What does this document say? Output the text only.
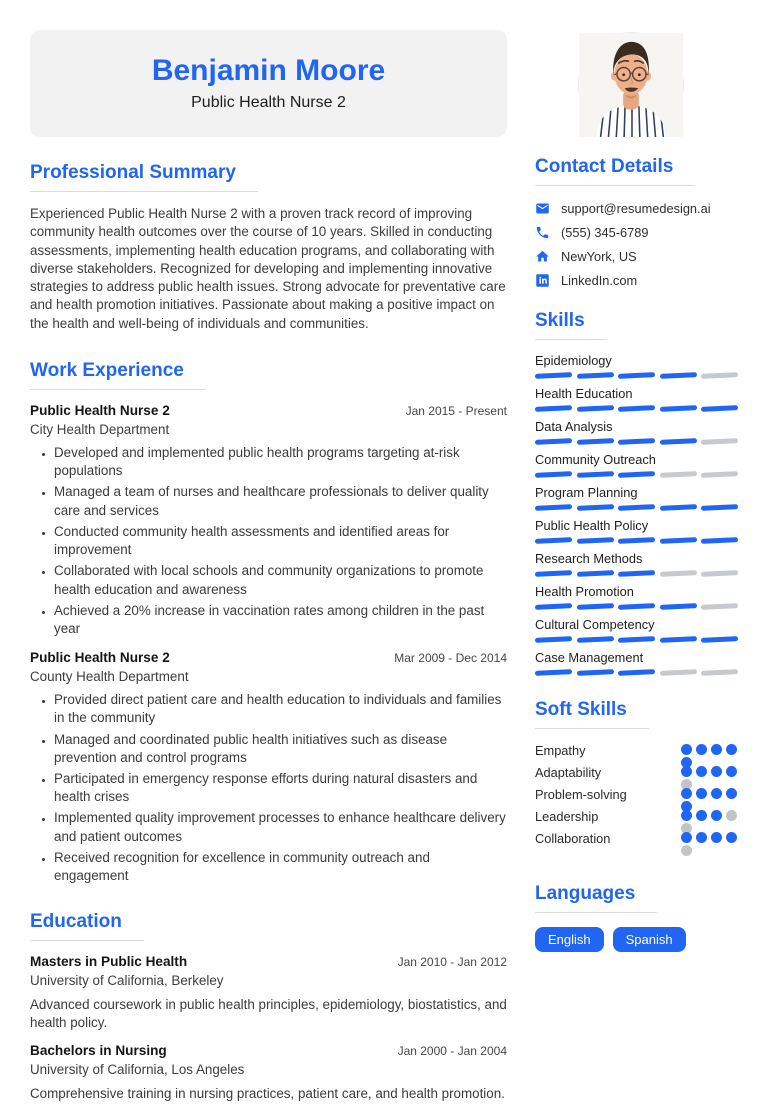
Benjamin Moore
Public Health Nurse 2
Professional Summary

Experienced Public Health Nurse 2 with a proven track record of improving community health outcomes over the course of 10 years. Skilled in conducting assessments, implementing health education programs, and collaborating with diverse stakeholders. Recognized for developing and implementing innovative strategies to address public health issues. Strong advocate for preventative care and health promotion initiatives. Passionate about making a positive impact on the health and well-being of individuals and communities.

Work Experience
Public Health Nurse 2	Jan 2015 - Present
City Health Department
• Developed and implemented public health programs targeting at-risk populations
• Managed a team of nurses and healthcare professionals to deliver quality care and services
• Conducted community health assessments and identified areas for improvement
• Collaborated with local schools and community organizations to promote health education and awareness
• Achieved a 20% increase in vaccination rates among children in the past year
Public Health Nurse 2	Mar 2009 - Dec 2014
County Health Department
• Provided direct patient care and health education to individuals and families in the community
• Managed and coordinated public health initiatives such as disease prevention and control programs
• Participated in emergency response efforts during natural disasters and health crises
• Implemented quality improvement processes to enhance healthcare delivery and patient outcomes
• Received recognition for excellence in community outreach and engagement
Education
Masters in Public Health	Jan 2010 - Jan 2012
University of California, Berkeley

Advanced coursework in public health principles, epidemiology, biostatistics, and health policy.

Bachelors in Nursing	Jan 2000 - Jan 2004
University of California, Los Angeles

Comprehensive training in nursing practices, patient care, and health promotion.

Contact Details
support@resumedesign.ai
(555) 345-6789
NewYork, US
LinkedIn.com
Skills
Epidemiology
Health Education
Data Analysis
Community Outreach
Program Planning
Public Health Policy
Research Methods
Health Promotion
Cultural Competency
Case Management
Soft Skills
Empathy
Adaptability
Problem-solving
Leadership
Collaboration
Languages
English	Spanish
